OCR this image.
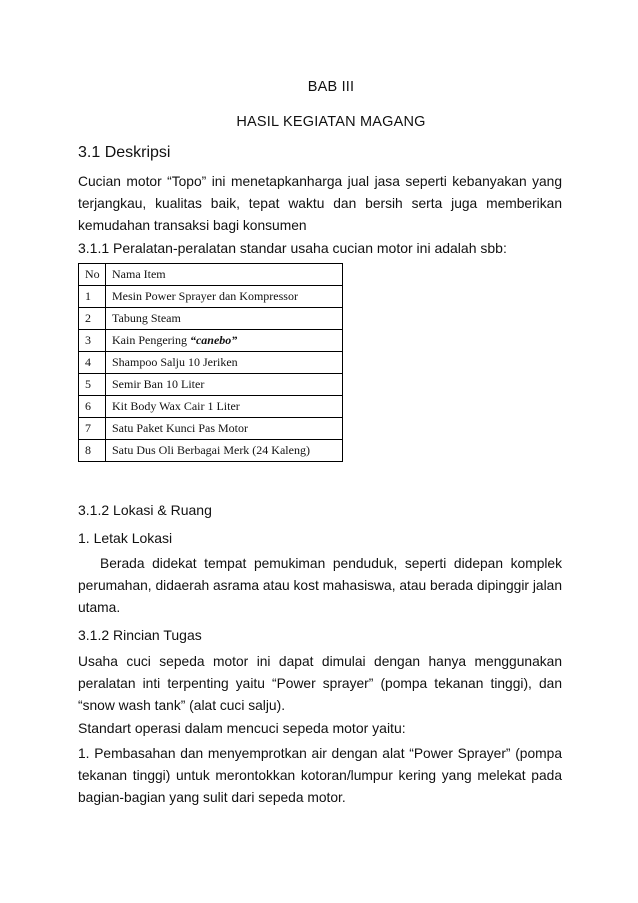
BAB III
HASIL KEGIATAN MAGANG
3.1 Deskripsi
Cucian motor “Topo” ini menetapkanharga jual jasa seperti kebanyakan yang terjangkau, kualitas baik, tepat waktu dan bersih serta juga memberikan kemudahan transaksi bagi konsumen
3.1.1 Peralatan-peralatan standar usaha cucian motor ini adalah sbb:
No	Nama Item
1	Mesin Power Sprayer dan Kompressor
2	Tabung Steam
3	Kain Pengering “canebo”
4	Shampoo Salju 10 Jeriken
5	Semir Ban 10 Liter
6	Kit Body Wax Cair 1 Liter
7	Satu Paket Kunci Pas Motor
8	Satu Dus Oli Berbagai Merk (24 Kaleng)
3.1.2 Lokasi & Ruang
1. Letak Lokasi
Berada didekat tempat pemukiman penduduk, seperti didepan komplek perumahan, didaerah asrama atau kost mahasiswa, atau berada dipinggir jalan utama.
3.1.2 Rincian Tugas
Usaha cuci sepeda motor ini dapat dimulai dengan hanya menggunakan peralatan inti terpenting yaitu “Power sprayer” (pompa tekanan tinggi), dan “snow wash tank” (alat cuci salju).
Standart operasi dalam mencuci sepeda motor yaitu:
1. Pembasahan dan menyemprotkan air dengan alat “Power Sprayer” (pompa tekanan tinggi) untuk merontokkan kotoran/lumpur kering yang melekat pada bagian-bagian yang sulit dari sepeda motor.
